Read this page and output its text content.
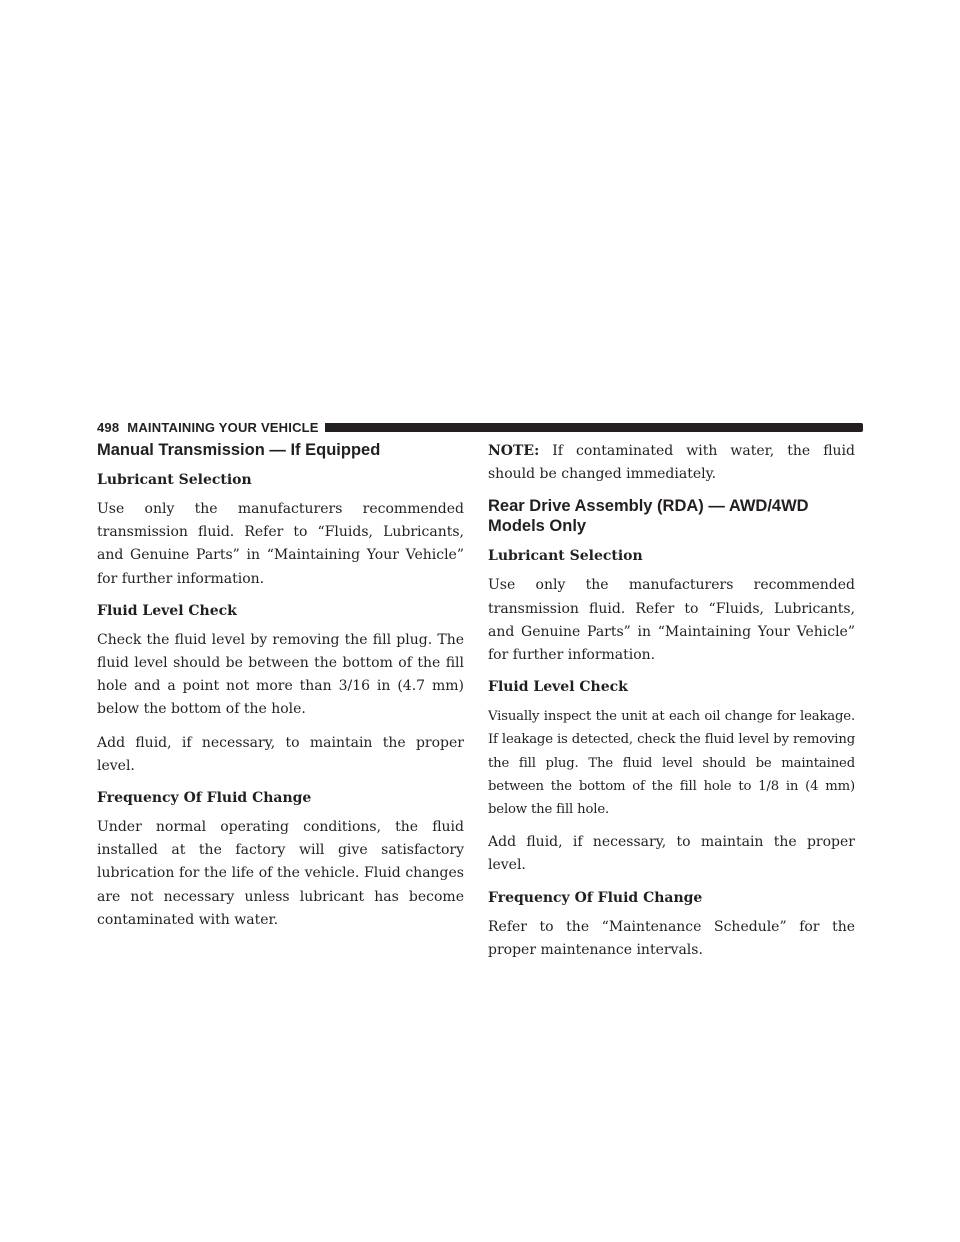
498 MAINTAINING YOUR VEHICLE
Manual Transmission — If Equipped
Lubricant Selection

Use only the manufacturers recommended transmission fluid. Refer to “Fluids, Lubricants, and Genuine Parts” in “Maintaining Your Vehicle” for further information.

Fluid Level Check

Check the fluid level by removing the fill plug. The fluid level should be between the bottom of the fill hole and a point not more than 3/16 in (4.7 mm) below the bottom of the hole.

Add fluid, if necessary, to maintain the proper level.

Frequency Of Fluid Change

Under normal operating conditions, the fluid installed at the factory will give satisfactory lubrication for the life of the vehicle. Fluid changes are not necessary unless lubricant has become contaminated with water.

NOTE: If contaminated with water, the fluid should be changed immediately.

Rear Drive Assembly (RDA) — AWD/4WD Models Only
Lubricant Selection

Use only the manufacturers recommended transmission fluid. Refer to “Fluids, Lubricants, and Genuine Parts” in “Maintaining Your Vehicle” for further information.

Fluid Level Check

Visually inspect the unit at each oil change for leakage. If leakage is detected, check the fluid level by removing the fill plug. The fluid level should be maintained between the bottom of the fill hole to 1/8 in (4 mm) below the fill hole.

Add fluid, if necessary, to maintain the proper level.

Frequency Of Fluid Change

Refer to the “Maintenance Schedule” for the proper maintenance intervals.
